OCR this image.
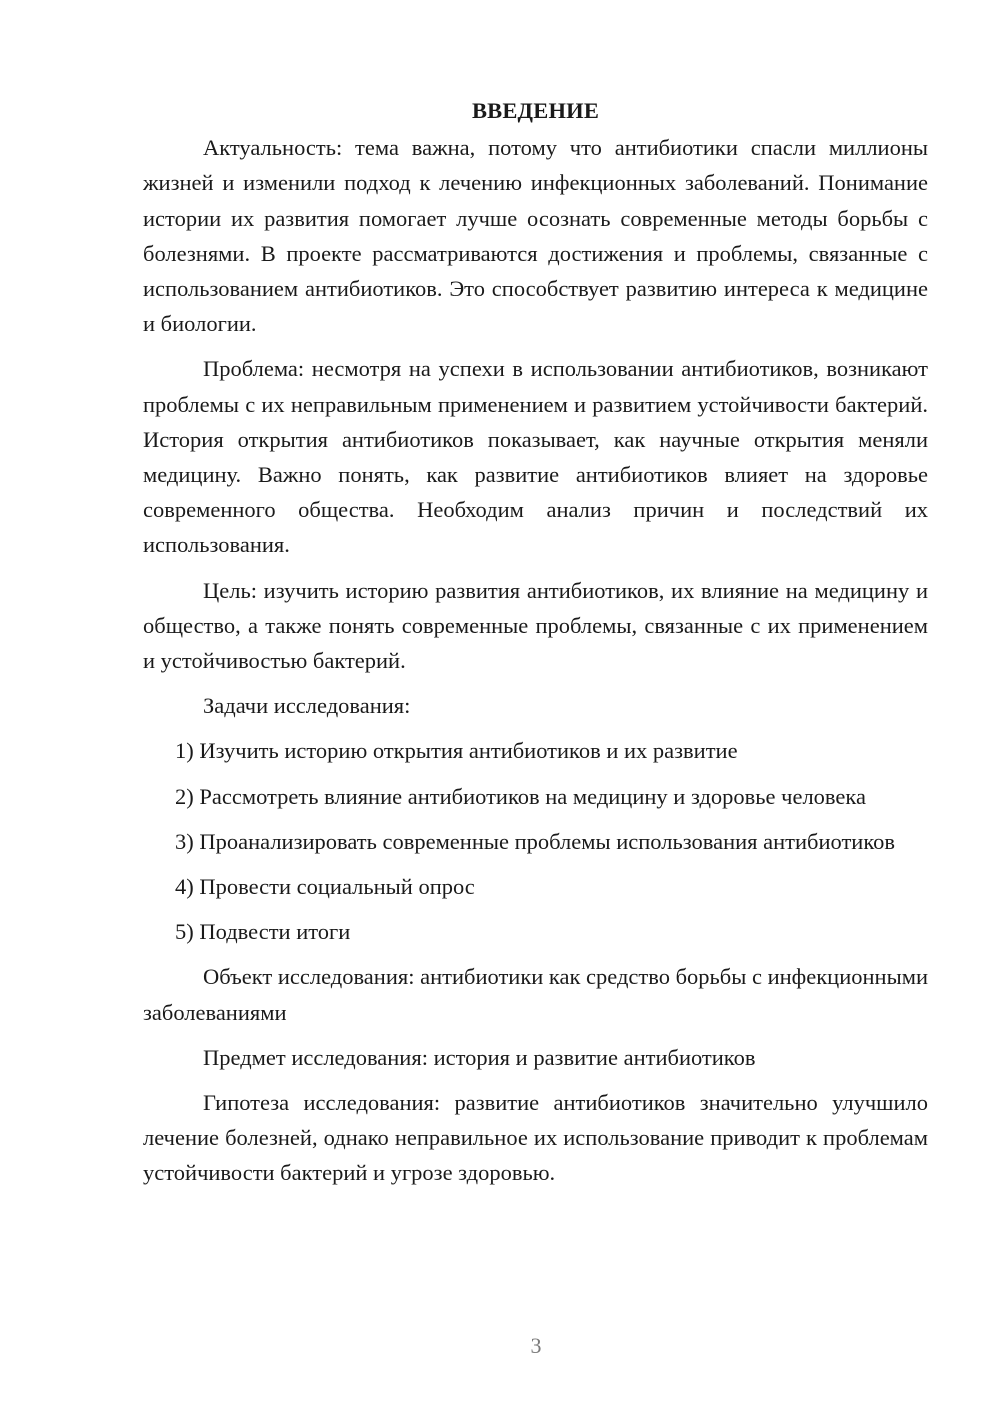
ВВЕДЕНИЕ

Актуальность: тема важна, потому что антибиотики спасли миллионы жизней и изменили подход к лечению инфекционных заболеваний. Понимание истории их развития помогает лучше осознать современные методы борьбы с болезнями. В проекте рассматриваются достижения и проблемы, связанные с использованием антибиотиков. Это способствует развитию интереса к медицине и биологии.

Проблема: несмотря на успехи в использовании антибиотиков, возникают проблемы с их неправильным применением и развитием устойчивости бактерий. История открытия антибиотиков показывает, как научные открытия меняли медицину. Важно понять, как развитие антибиотиков влияет на здоровье современного общества. Необходим анализ причин и последствий их использования.

Цель: изучить историю развития антибиотиков, их влияние на медицину и общество, а также понять современные проблемы, связанные с их применением и устойчивостью бактерий.

Задачи исследования:

1) Изучить историю открытия антибиотиков и их развитие

2) Рассмотреть влияние антибиотиков на медицину и здоровье человека

3) Проанализировать современные проблемы использования антибиотиков

4) Провести социальный опрос

5) Подвести итоги

Объект исследования: антибиотики как средство борьбы с инфекционными заболеваниями

Предмет исследования: история и развитие антибиотиков

Гипотеза исследования: развитие антибиотиков значительно улучшило лечение болезней, однако неправильное их использование приводит к проблемам устойчивости бактерий и угрозе здоровью.

3
